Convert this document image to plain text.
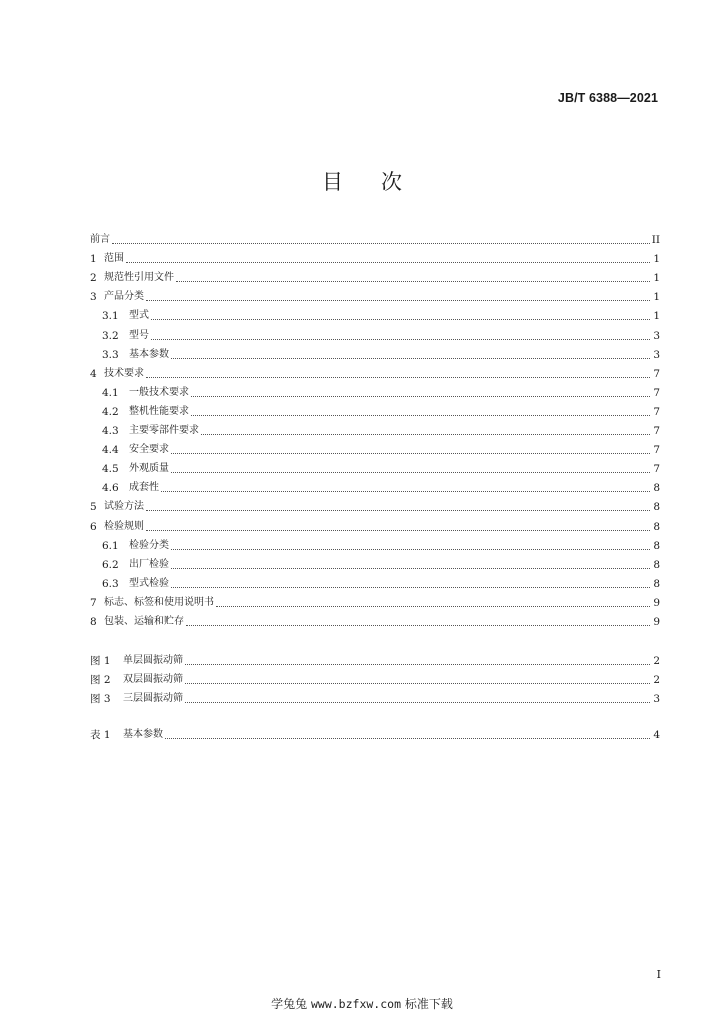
JB/T 6388—2021
目 次
前言	II
1 范围	1
2 规范性引用文件	1
3 产品分类	1
3.1	型式	1
3.2	型号	3
3.3	基本参数	3
4 技术要求	7
4.1	一般技术要求	7
4.2	整机性能要求	7
4.3	主要零部件要求	7
4.4	安全要求	7
4.5	外观质量	7
4.6	成套性	8
5 试验方法	8
6 检验规则	8
6.1	检验分类	8
6.2	出厂检验	8
6.3	型式检验	8
7 标志、标签和使用说明书	9
8 包装、运输和贮存	9
图 1	单层圆振动筛	2
图 2	双层圆振动筛	2
图 3	三层圆振动筛	3
表 1	基本参数	4
I
学兔兔 www.bzfxw.com 标准下载
